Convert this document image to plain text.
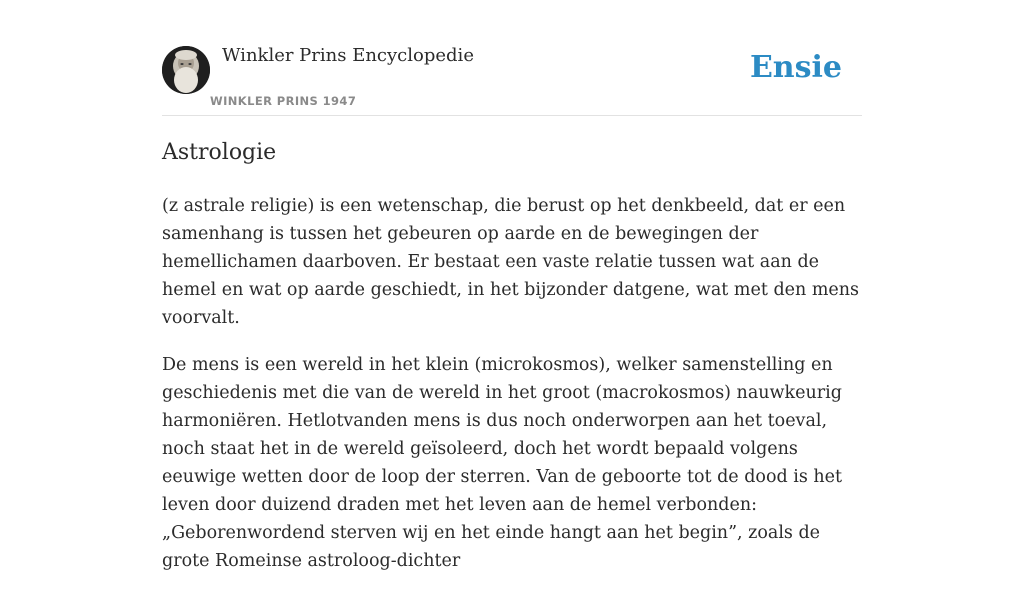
Winkler Prins Encyclopedie
WINKLER PRINS 1947
Ensie
Astrologie

(z astrale religie) is een wetenschap, die berust op het denkbeeld, dat er een samenhang is tussen het gebeuren op aarde en de bewegingen der hemellichamen daarboven. Er bestaat een vaste relatie tussen wat aan de hemel en wat op aarde geschiedt, in het bijzonder datgene, wat met den mens voorvalt.

De mens is een wereld in het klein (microkosmos), welker samenstelling en geschiedenis met die van de wereld in het groot (macrokosmos) nauwkeurig harmoniëren. Hetlotvanden mens is dus noch onderworpen aan het toeval, noch staat het in de wereld geïsoleerd, doch het wordt bepaald volgens eeuwige wetten door de loop der sterren. Van de geboorte tot de dood is het leven door duizend draden met het leven aan de hemel verbonden: „Geborenwordend sterven wij en het einde hangt aan het begin”, zoals de grote Romeinse astroloog-dichter
